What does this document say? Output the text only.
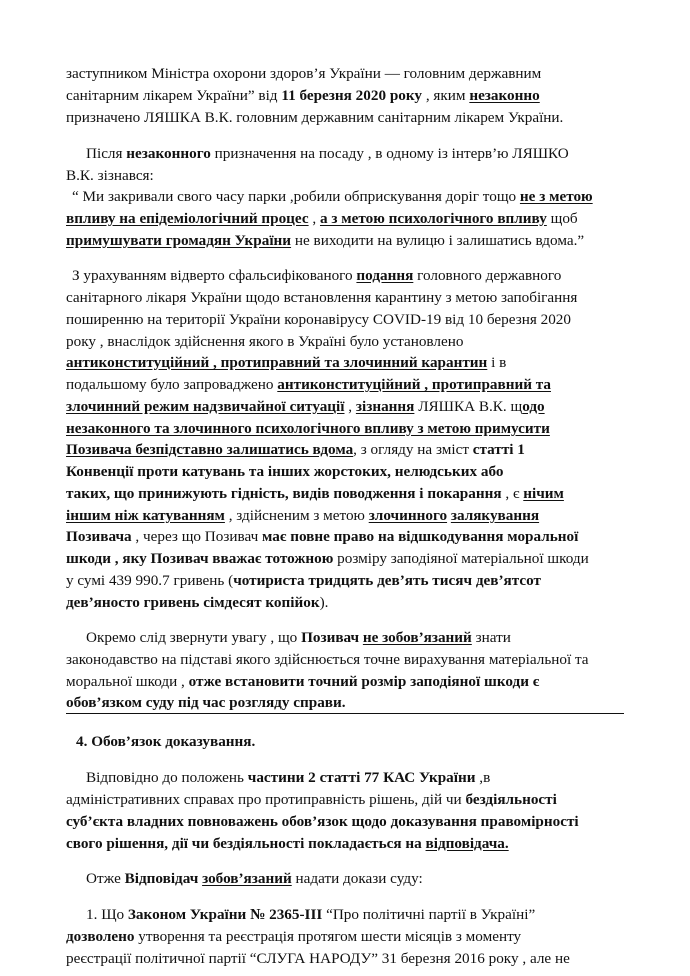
заступником Міністра охорони здоров’я України — головним державним
санітарним лікарем України” від 11 березня 2020 року , яким незаконно
призначено ЛЯШКА В.К. головним державним санітарним лікарем України.
Після незаконного призначення на посаду , в одному із інтерв’ю ЛЯШКО
В.К. зізнався:
“ Ми закривали свого часу парки ,робили обприскування доріг тощо не з метою
впливу на епідеміологічний процес , а з метою психологічного впливу щоб
примушувати громадян України не виходити на вулицю і залишатись вдома.”
З урахуванням відверто сфальсифікованого подання головного державного
санітарного лікаря України щодо встановлення карантину з метою запобігання
поширенню на території України коронавірусу COVID-19 від 10 березня 2020
року , внаслідок здійснення якого в Україні було установлено
антиконституційний , протиправний та злочинний карантин і в
подальшому було запроваджено антиконституційний , протиправний та
злочинний режим надзвичайної ситуації , зізнання ЛЯШКА В.К. щодо
незаконного та злочинного психологічного впливу з метою примусити
Позивача безпідставно залишатись вдома, з огляду на зміст статті 1
Конвенції проти катувань та інших жорстоких, нелюдських або
таких, що принижують гідність, видів поводження і покарання , є нічим
іншим ніж катуванням , здійсненим з метою злочинного залякування
Позивача , через що Позивач має повне право на відшкодування моральної
шкоди , яку Позивач вважає тотожною розміру заподіяної матеріальної шкоди
у сумі 439 990.7 гривень (чотириста тридцять дев’ять тисяч дев’ятсот
дев’яносто гривень сімдесят копійок).
Окремо слід звернути увагу , що Позивач не зобов’язаний знати
законодавство на підставі якого здійснюється точне вирахування матеріальної та
моральної шкоди , отже встановити точний розмір заподіяної шкоди є
обов’язком суду під час розгляду справи.
4. Обов’язок доказування.
Відповідно до положень частини 2 статті 77 КАС України ,в
адміністративних справах про протиправність рішень, дій чи бездіяльності
суб’єкта владних повноважень обов’язок щодо доказування правомірності
свого рішення, дії чи бездіяльності покладається на відповідача.
Отже Відповідач зобов’язаний надати докази суду:
1. Що Законом України № 2365-ІІІ “Про політичні партії в Україні”
дозволено утворення та реєстрація протягом шести місяців з моменту
реєстрації політичної партії “СЛУГА НАРОДУ” 31 березня 2016 року , але не
